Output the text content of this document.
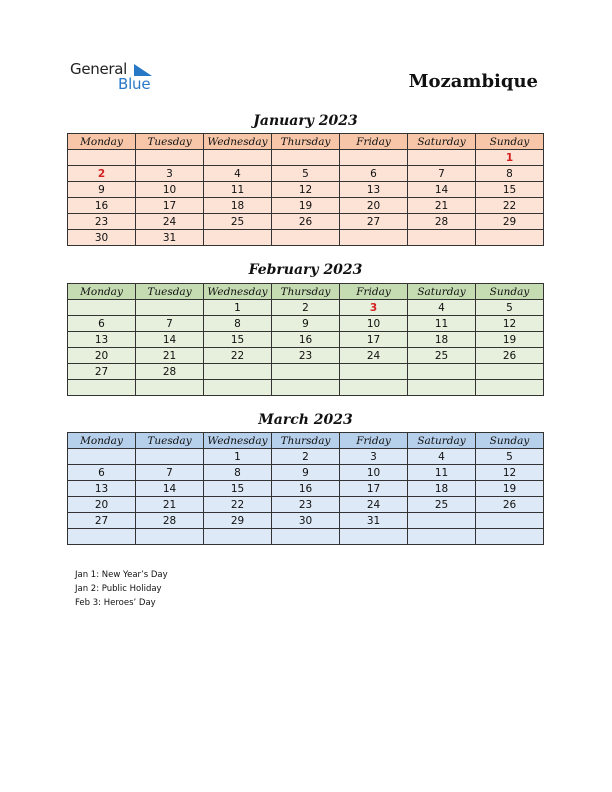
General
Blue	Mozambique
January 2023
Monday	Tuesday	Wednesday	Thursday	Friday	Saturday	Sunday
						1
2	3	4	5	6	7	8
9	10	11	12	13	14	15
16	17	18	19	20	21	22
23	24	25	26	27	28	29
30	31					
February 2023
Monday	Tuesday	Wednesday	Thursday	Friday	Saturday	Sunday
		1	2	3	4	5
6	7	8	9	10	11	12
13	14	15	16	17	18	19
20	21	22	23	24	25	26
27	28					

March 2023
Monday	Tuesday	Wednesday	Thursday	Friday	Saturday	Sunday
		1	2	3	4	5
6	7	8	9	10	11	12
13	14	15	16	17	18	19
20	21	22	23	24	25	26
27	28	29	30	31		

Jan 1: New Year’s Day
Jan 2: Public Holiday
Feb 3: Heroes’ Day
